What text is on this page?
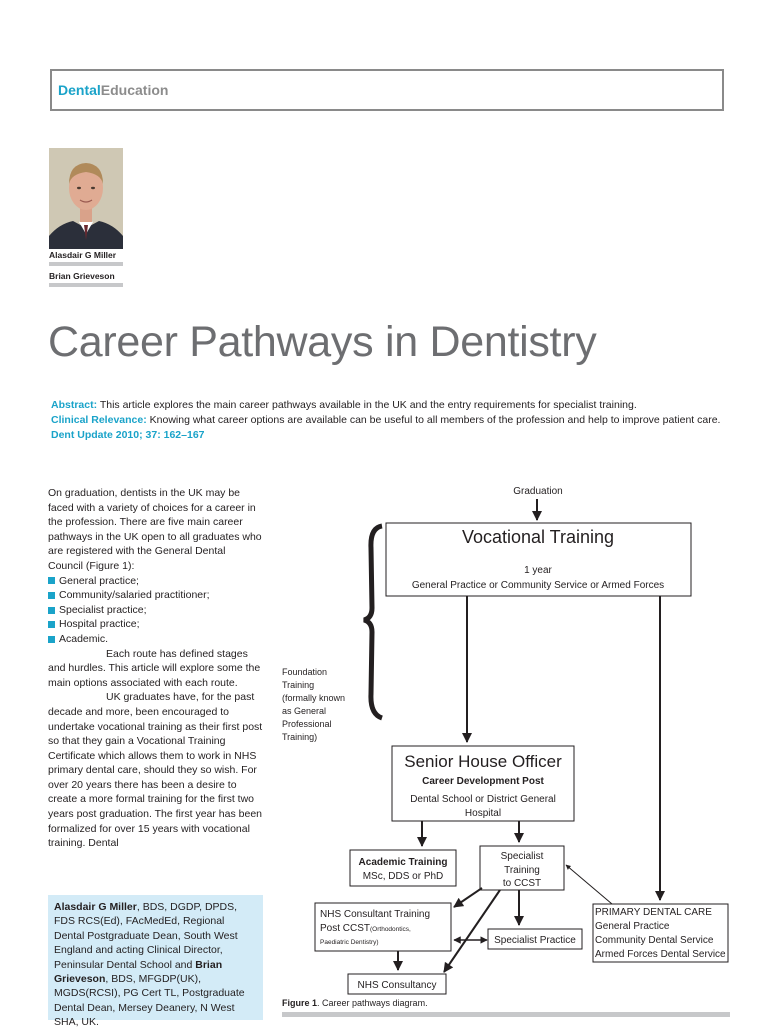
DentalEducation
Alasdair G Miller
Brian Grieveson
Career Pathways in Dentistry
Abstract: This article explores the main career pathways available in the UK and the entry requirements for specialist training.
Clinical Relevance: Knowing what career options are available can be useful to all members of the profession and help to improve patient care.
Dent Update 2010; 37: 162–167

On graduation, dentists in the UK may be faced with a variety of choices for a career in the profession. There are five main career pathways in the UK open to all graduates who are registered with the General Dental Council (Figure 1):

General practice;
Community/salaried practitioner;
Specialist practice;
Hospital practice;
Academic.

Each route has defined stages and hurdles. This article will explore some the main options associated with each route.

UK graduates have, for the past decade and more, been encouraged to undertake vocational training as their first post so that they gain a Vocational Training Certificate which allows them to work in NHS primary dental care, should they so wish. For over 20 years there has been a desire to create a more formal training for the first two years post graduation. The first year has been formalized for over 15 years with vocational training. Dental

Alasdair G Miller, BDS, DGDP, DPDS, FDS RCS(Ed), FAcMedEd, Regional Dental Postgraduate Dean, South West England and acting Clinical Director, Peninsular Dental School and Brian Grieveson, BDS, MFGDP(UK), MGDS(RCSI), PG Cert TL, Postgraduate Dental Dean, Mersey Deanery, N West SHA, UK.
Graduation
Vocational Training
1 year
General Practice or Community Service or Armed Forces
Foundation
Training
(formally known
as General
Professional
Training)
Senior House Officer
Career Development Post
Dental School or District General
Hospital
Academic Training
MSc, DDS or PhD
Specialist
Training
to CCST
NHS Consultant Training
Post CCST(Orthodontics,
Paediatric Dentistry)	Specialist Practice
PRIMARY DENTAL CARE
General Practice
Community Dental Service
Armed Forces Dental Service
NHS Consultancy
Figure 1. Career pathways diagram.
